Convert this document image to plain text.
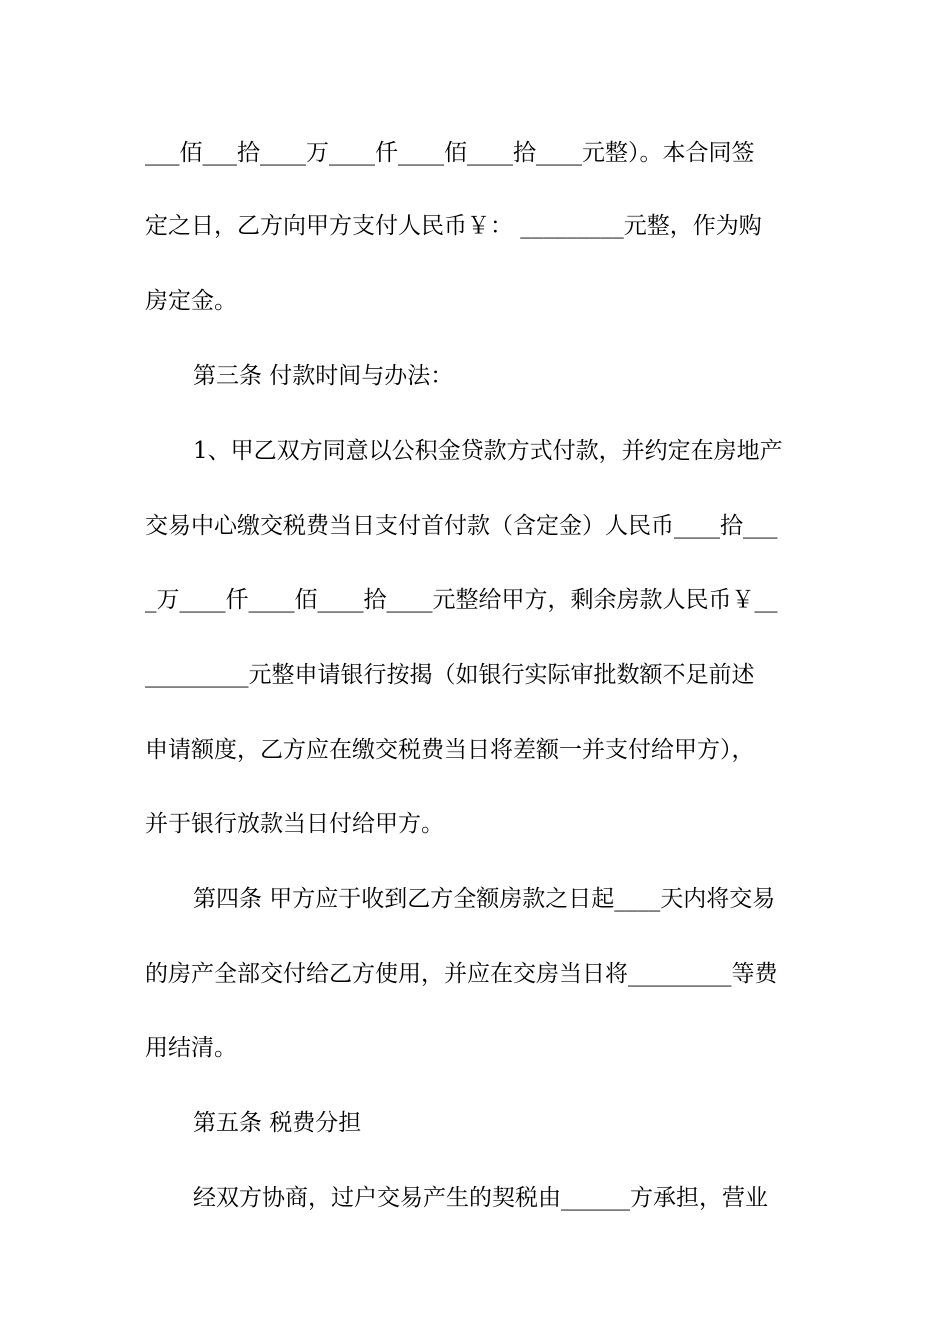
___佰___拾____万____仟____佰____拾____元整）。本合同签
定之日，乙方向甲方支付人民币￥： _________元整，作为购
房定金。
第三条 付款时间与办法：
1、甲乙双方同意以公积金贷款方式付款，并约定在房地产
交易中心缴交税费当日支付首付款（含定金）人民币____拾___
_万____仟____佰____拾____元整给甲方，剩余房款人民币￥__
_________元整申请银行按揭（如银行实际审批数额不足前述
申请额度，乙方应在缴交税费当日将差额一并支付给甲方），
并于银行放款当日付给甲方。
第四条 甲方应于收到乙方全额房款之日起____天内将交易
的房产全部交付给乙方使用，并应在交房当日将_________等费
用结清。
第五条 税费分担
经双方协商，过户交易产生的契税由______方承担，营业
